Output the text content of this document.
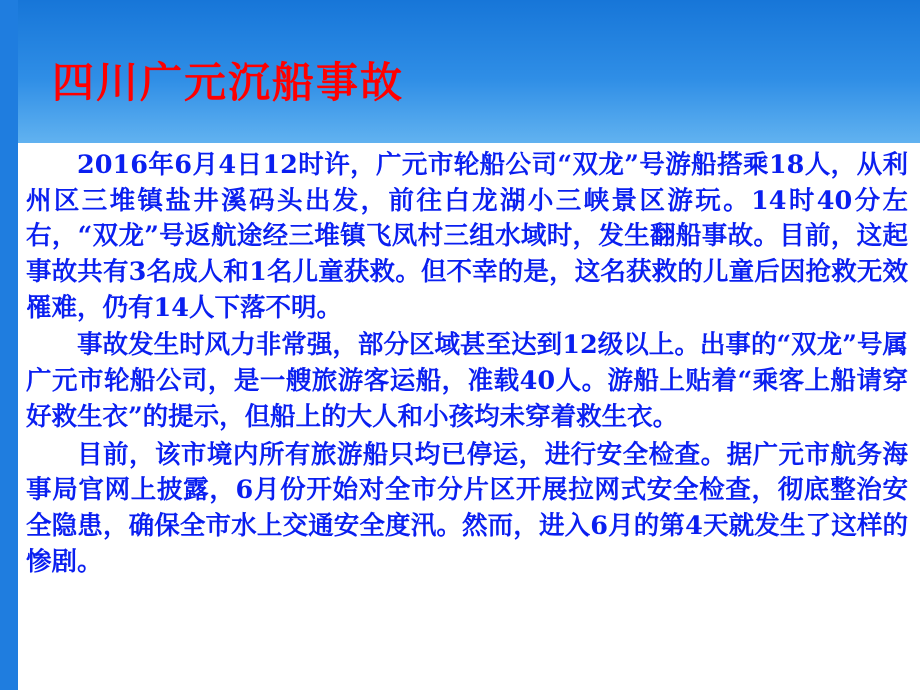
四川广元沉船事故

2016年6月4日12时许，广元市轮船公司“双龙”号游船搭乘18人，从利州区三堆镇盐井溪码头出发，前往白龙湖小三峡景区游玩。14时40分左右，“双龙”号返航途经三堆镇飞凤村三组水域时，发生翻船事故。目前，这起事故共有3名成人和1名儿童获救。但不幸的是，这名获救的儿童后因抢救无效罹难，仍有14人下落不明。

事故发生时风力非常强，部分区域甚至达到12级以上。出事的“双龙”号属广元市轮船公司，是一艘旅游客运船，准载40人。游船上贴着“乘客上船请穿好救生衣”的提示，但船上的大人和小孩均未穿着救生衣。

目前，该市境内所有旅游船只均已停运，进行安全检查。据广元市航务海事局官网上披露，6月份开始对全市分片区开展拉网式安全检查，彻底整治安全隐患，确保全市水上交通安全度汛。然而，进入6月的第4天就发生了这样的惨剧。
